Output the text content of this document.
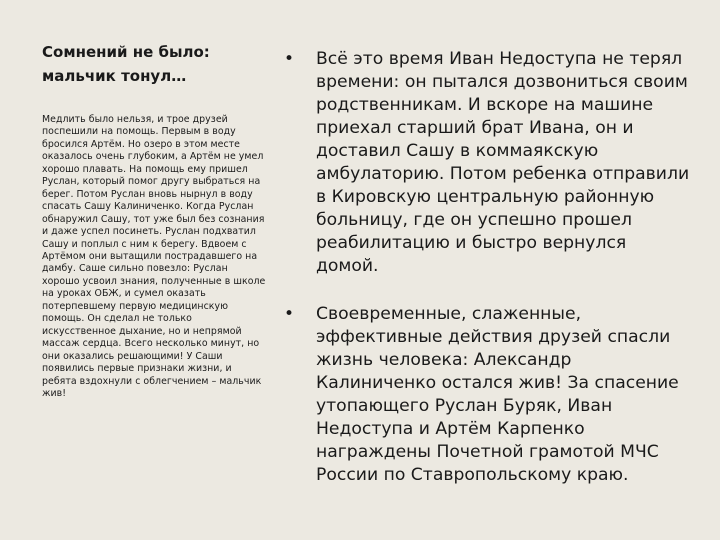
Сомнений не было:
мальчик тонул…

Медлить было нельзя, и трое друзей поспешили на помощь. Первым в воду бросился Артём. Но озеро в этом месте оказалось очень глубоким, а Артём не умел хорошо плавать. На помощь ему пришел Руслан, который помог другу выбраться на берег. Потом Руслан вновь нырнул в воду спасать Сашу Калиниченко. Когда Руслан обнаружил Сашу, тот уже был без сознания и даже успел посинеть. Руслан подхватил Сашу и поплыл с ним к берегу. Вдвоем с Артёмом они вытащили пострадавшего на дамбу. Саше сильно повезло: Руслан хорошо усвоил знания, полученные в школе на уроках ОБЖ, и сумел оказать потерпевшему первую медицинскую помощь. Он сделал не только искусственное дыхание, но и непрямой массаж сердца. Всего несколько минут, но они оказались решающими! У Саши появились первые признаки жизни, и ребята вздохнули с облегчением – мальчик жив!

• Всё это время Иван Недоступа не терял времени: он пытался дозвониться своим родственникам. И вскоре на машине приехал старший брат Ивана, он и доставил Сашу в коммаякскую амбулаторию. Потом ребенка отправили в Кировскую центральную районную больницу, где он успешно прошел реабилитацию и быстро вернулся домой.
• Своевременные, слаженные, эффективные действия друзей спасли жизнь человека: Александр Калиниченко остался жив! За спасение утопающего Руслан Буряк, Иван Недоступа и Артём Карпенко награждены Почетной грамотой МЧС России по Ставропольскому краю.
